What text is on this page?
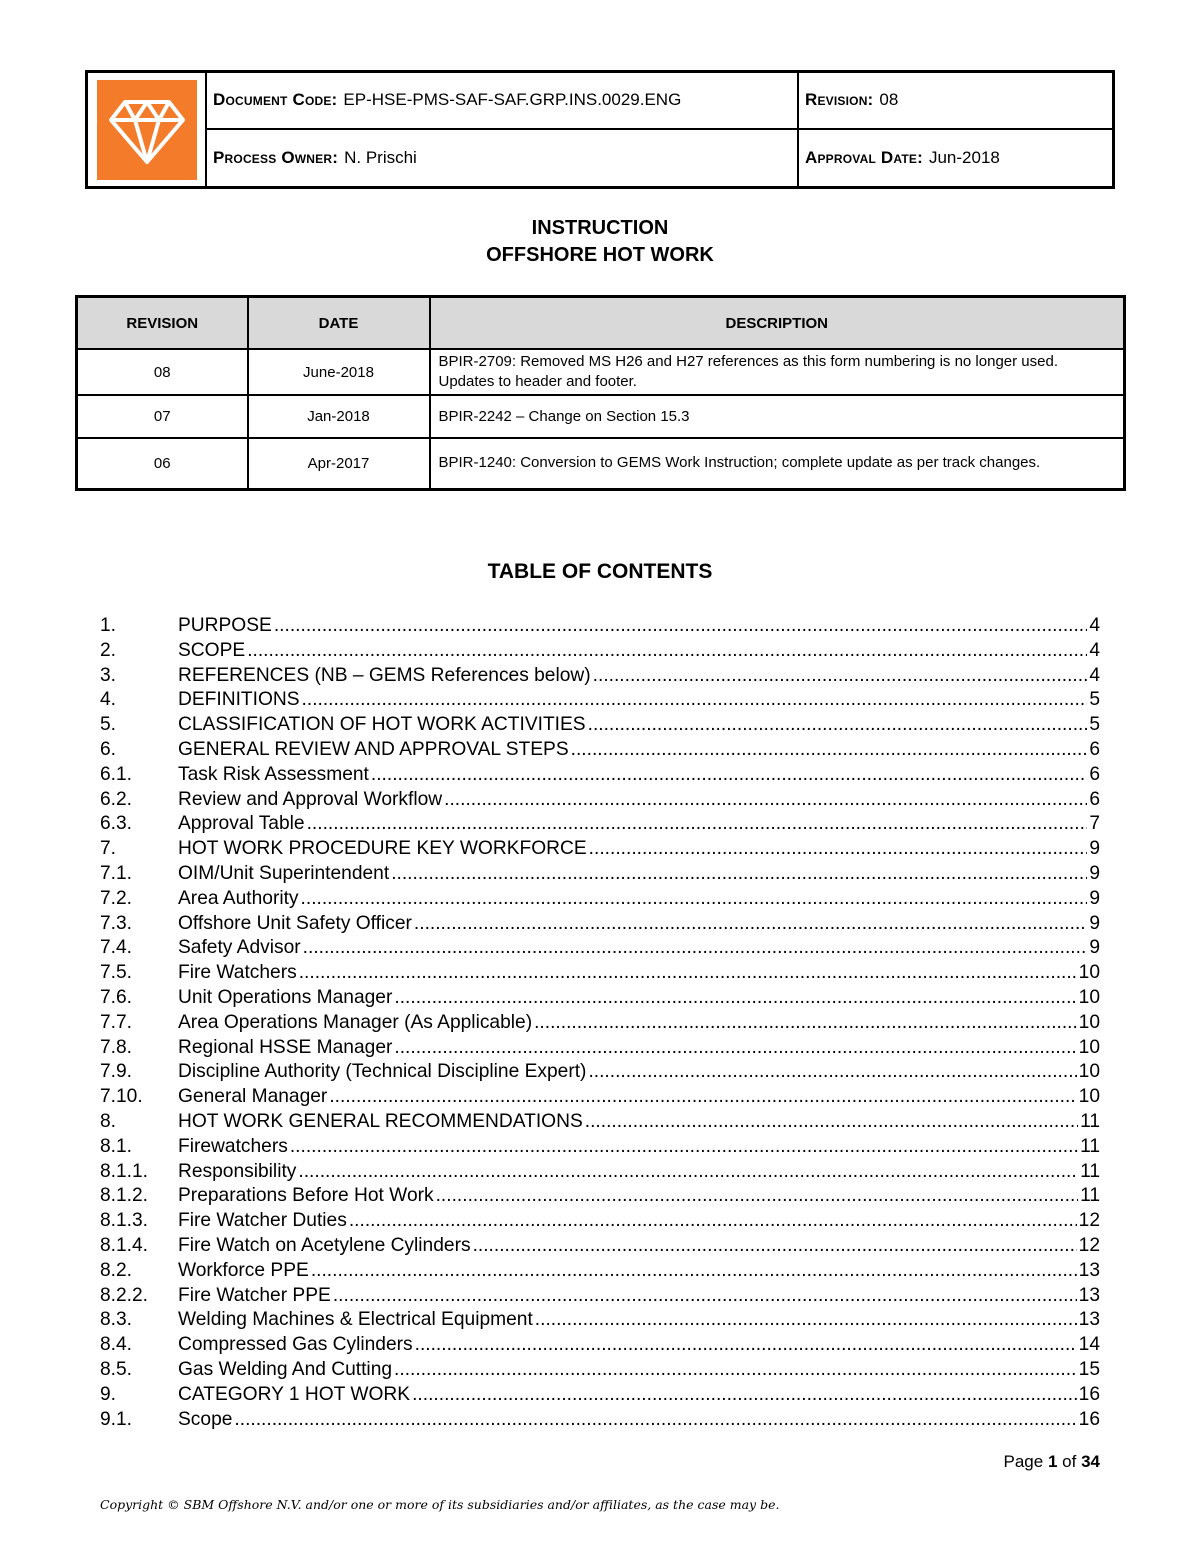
Document Code: EP-HSE-PMS-SAF-SAF.GRP.INS.0029.ENG	Revision: 08
Process Owner: N. Prischi	Approval Date: Jun-2018
INSTRUCTION
OFFSHORE HOT WORK
REVISION	DATE	DESCRIPTION
08	June-2018	BPIR-2709: Removed MS H26 and H27 references as this form numbering is no longer used. Updates to header and footer.
07	Jan-2018	BPIR-2242 – Change on Section 15.3
06	Apr-2017	BPIR-1240: Conversion to GEMS Work Instruction; complete update as per track changes.
TABLE OF CONTENTS
1.	PURPOSE .....	4
2.	SCOPE .....	4
3.	REFERENCES (NB – GEMS References below) .....	4
4.	DEFINITIONS .....	5
5.	CLASSIFICATION OF HOT WORK ACTIVITIES .....	5
6.	GENERAL REVIEW AND APPROVAL STEPS .....	6
6.1.	Task Risk Assessment .....	6
6.2.	Review and Approval Workflow .....	6
6.3.	Approval Table .....	7
7.	HOT WORK PROCEDURE KEY WORKFORCE .....	9
7.1.	OIM/Unit Superintendent .....	9
7.2.	Area Authority .....	9
7.3.	Offshore Unit Safety Officer .....	9
7.4.	Safety Advisor .....	9
7.5.	Fire Watchers .....	10
7.6.	Unit Operations Manager .....	10
7.7.	Area Operations Manager (As Applicable) .....	10
7.8.	Regional HSSE Manager .....	10
7.9.	Discipline Authority (Technical Discipline Expert) .....	10
7.10.	General Manager .....	10
8.	HOT WORK GENERAL RECOMMENDATIONS .....	11
8.1.	Firewatchers .....	11
8.1.1.	Responsibility .....	11
8.1.2.	Preparations Before Hot Work .....	11
8.1.3.	Fire Watcher Duties .....	12
8.1.4.	Fire Watch on Acetylene Cylinders .....	12
8.2.	Workforce PPE .....	13
8.2.2.	Fire Watcher PPE .....	13
8.3.	Welding Machines & Electrical Equipment .....	13
8.4.	Compressed Gas Cylinders .....	14
8.5.	Gas Welding And Cutting .....	15
9.	CATEGORY 1 HOT WORK .....	16
9.1.	Scope .....	16
Page 1 of 34
Copyright © SBM Offshore N.V. and/or one or more of its subsidiaries and/or affiliates, as the case may be.
